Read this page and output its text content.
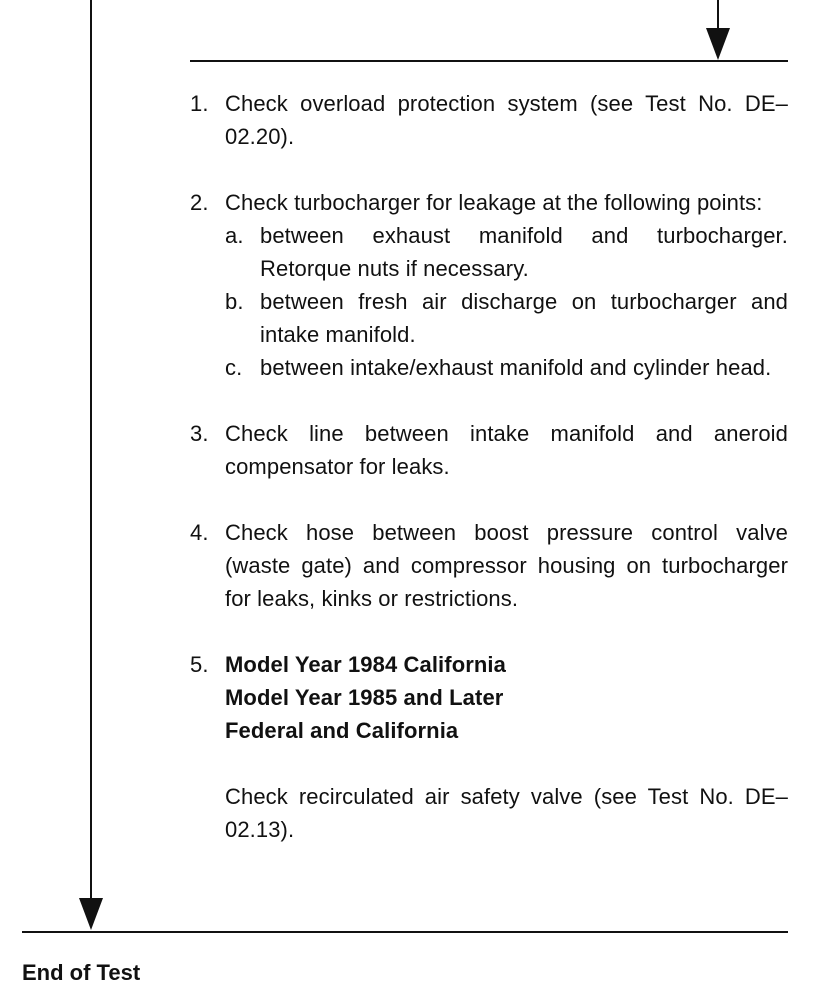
1. Check overload protection system (see Test No. DE–02.20).
2. Check turbocharger for leakage at the following points:
a. between exhaust manifold and turbocharger. Retorque nuts if necessary.
b. between fresh air discharge on turbocharger and intake manifold.
c. between intake/exhaust manifold and cylinder head.
3. Check line between intake manifold and aneroid compensator for leaks.
4. Check hose between boost pressure control valve (waste gate) and compressor housing on turbocharger for leaks, kinks or restrictions.
5. Model Year 1984 California
Model Year 1985 and Later
Federal and California
Check recirculated air safety valve (see Test No. DE–02.13).
End of Test
